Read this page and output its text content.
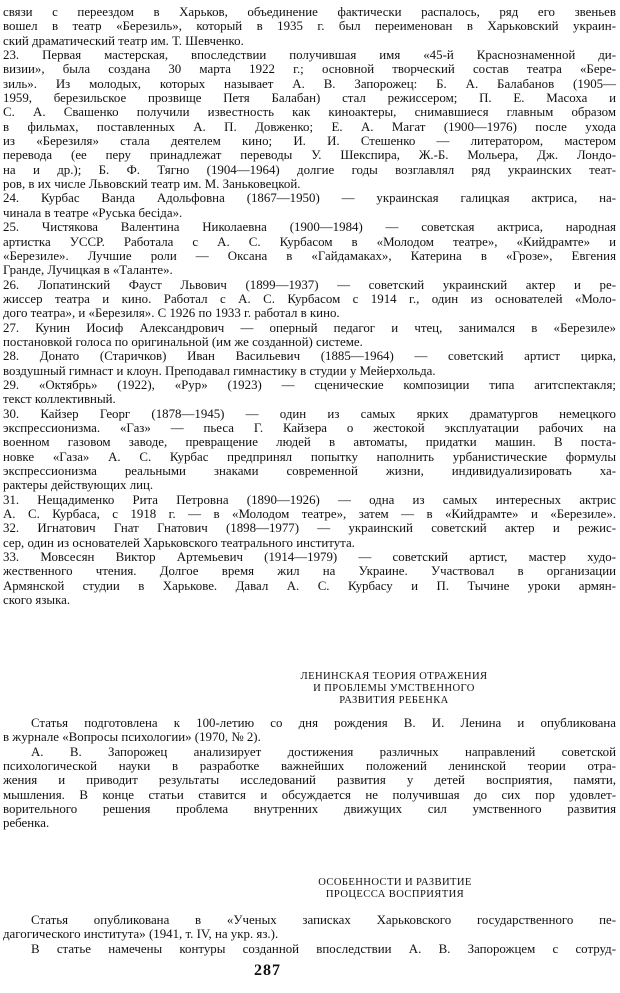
связи с переездом в Харьков, объединение фактически распалось, ряд его звеньев
вошел в театр «Березиль», который в 1935 г. был переименован в Харьковский украин-
ский драматический театр им. Т. Шевченко.
23. Первая мастерская, впоследствии получившая имя «45-й Краснознаменной ди-
визии», была создана 30 марта 1922 г.; основной творческий состав театра «Бере-
зиль». Из молодых, которых называет А. В. Запорожец: Б. А. Балабанов (1905—
1959, березильское прозвище Петя Балабан) стал режиссером; П. Е. Масоха и
С. А. Свашенко получили известность как киноактеры, снимавшиеся главным образом
в фильмах, поставленных А. П. Довженко; Е. А. Магат (1900—1976) после ухода
из «Березиля» стала деятелем кино; И. И. Стешенко — литератором, мастером
перевода (ее перу принадлежат переводы У. Шекспира, Ж.-Б. Мольера, Дж. Лондо-
на и др.); Б. Ф. Тягно (1904—1964) долгие годы возглавлял ряд украинских теат-
ров, в их числе Львовский театр им. М. Заньковецкой.
24. Курбас Ванда Адольфовна (1867—1950) — украинская галицкая актриса, на-
чинала в театре «Руська бесіда».
25. Чистякова Валентина Николаевна (1900—1984) — советская актриса, народная
артистка УССР. Работала с А. С. Курбасом в «Молодом театре», «Кийдрамте» и
«Березиле». Лучшие роли — Оксана в «Гайдамаках», Катерина в «Грозе», Евгения
Гранде, Лучицкая в «Таланте».
26. Лопатинский Фауст Львович (1899—1937) — советский украинский актер и ре-
жиссер театра и кино. Работал с А. С. Курбасом с 1914 г., один из основателей «Моло-
дого театра», и «Березиля». С 1926 по 1933 г. работал в кино.
27. Кунин Иосиф Александрович — оперный педагог и чтец, занимался в «Березиле»
постановкой голоса по оригинальной (им же созданной) системе.
28. Донато (Старичков) Иван Васильевич (1885—1964) — советский артист цирка,
воздушный гимнаст и клоун. Преподавал гимнастику в студии у Мейерхольда.
29. «Октябрь» (1922), «Рур» (1923) — сценические композиции типа агитспектакля;
текст коллективный.
30. Кайзер Георг (1878—1945) — один из самых ярких драматургов немецкого
экспрессионизма. «Газ» — пьеса Г. Кайзера о жестокой эксплуатации рабочих на
военном газовом заводе, превращение людей в автоматы, придатки машин. В поста-
новке «Газа» А. С. Курбас предпринял попытку наполнить урбанистические формулы
экспрессионизма реальными знаками современной жизни, индивидуализировать ха-
рактеры действующих лиц.
31. Нещадименко Рита Петровна (1890—1926) — одна из самых интересных актрис
А. С. Курбаса, с 1918 г. — в «Молодом театре», затем — в «Кийдрамте» и «Березиле».
32. Игнатович Гнат Гнатович (1898—1977) — украинский советский актер и режис-
сер, один из основателей Харьковского театрального института.
33. Мовсесян Виктор Артемьевич (1914—1979) — советский артист, мастер худо-
жественного чтения. Долгое время жил на Украине. Участвовал в организации
Армянской студии в Харькове. Давал А. С. Курбасу и П. Тычине уроки армян-
ского языка.
ЛЕНИНСКАЯ ТЕОРИЯ ОТРАЖЕНИЯ
И ПРОБЛЕМЫ УМСТВЕННОГО
РАЗВИТИЯ РЕБЕНКА
Статья подготовлена к 100-летию со дня рождения В. И. Ленина и опубликована
в журнале «Вопросы психологии» (1970, № 2).
А. В. Запорожец анализирует достижения различных направлений советской
психологической науки в разработке важнейших положений ленинской теории отра-
жения и приводит результаты исследований развития у детей восприятия, памяти,
мышления. В конце статьи ставится и обсуждается не получившая до сих пор удовлет-
ворительного решения проблема внутренних движущих сил умственного развития
ребенка.
ОСОБЕННОСТИ И РАЗВИТИЕ
ПРОЦЕССА ВОСПРИЯТИЯ
Статья опубликована в «Ученых записках Харьковского государственного пе-
дагогического института» (1941, т. IV, на укр. яз.).
В статье намечены контуры созданной впоследствии А. В. Запорожцем с сотруд-
287
